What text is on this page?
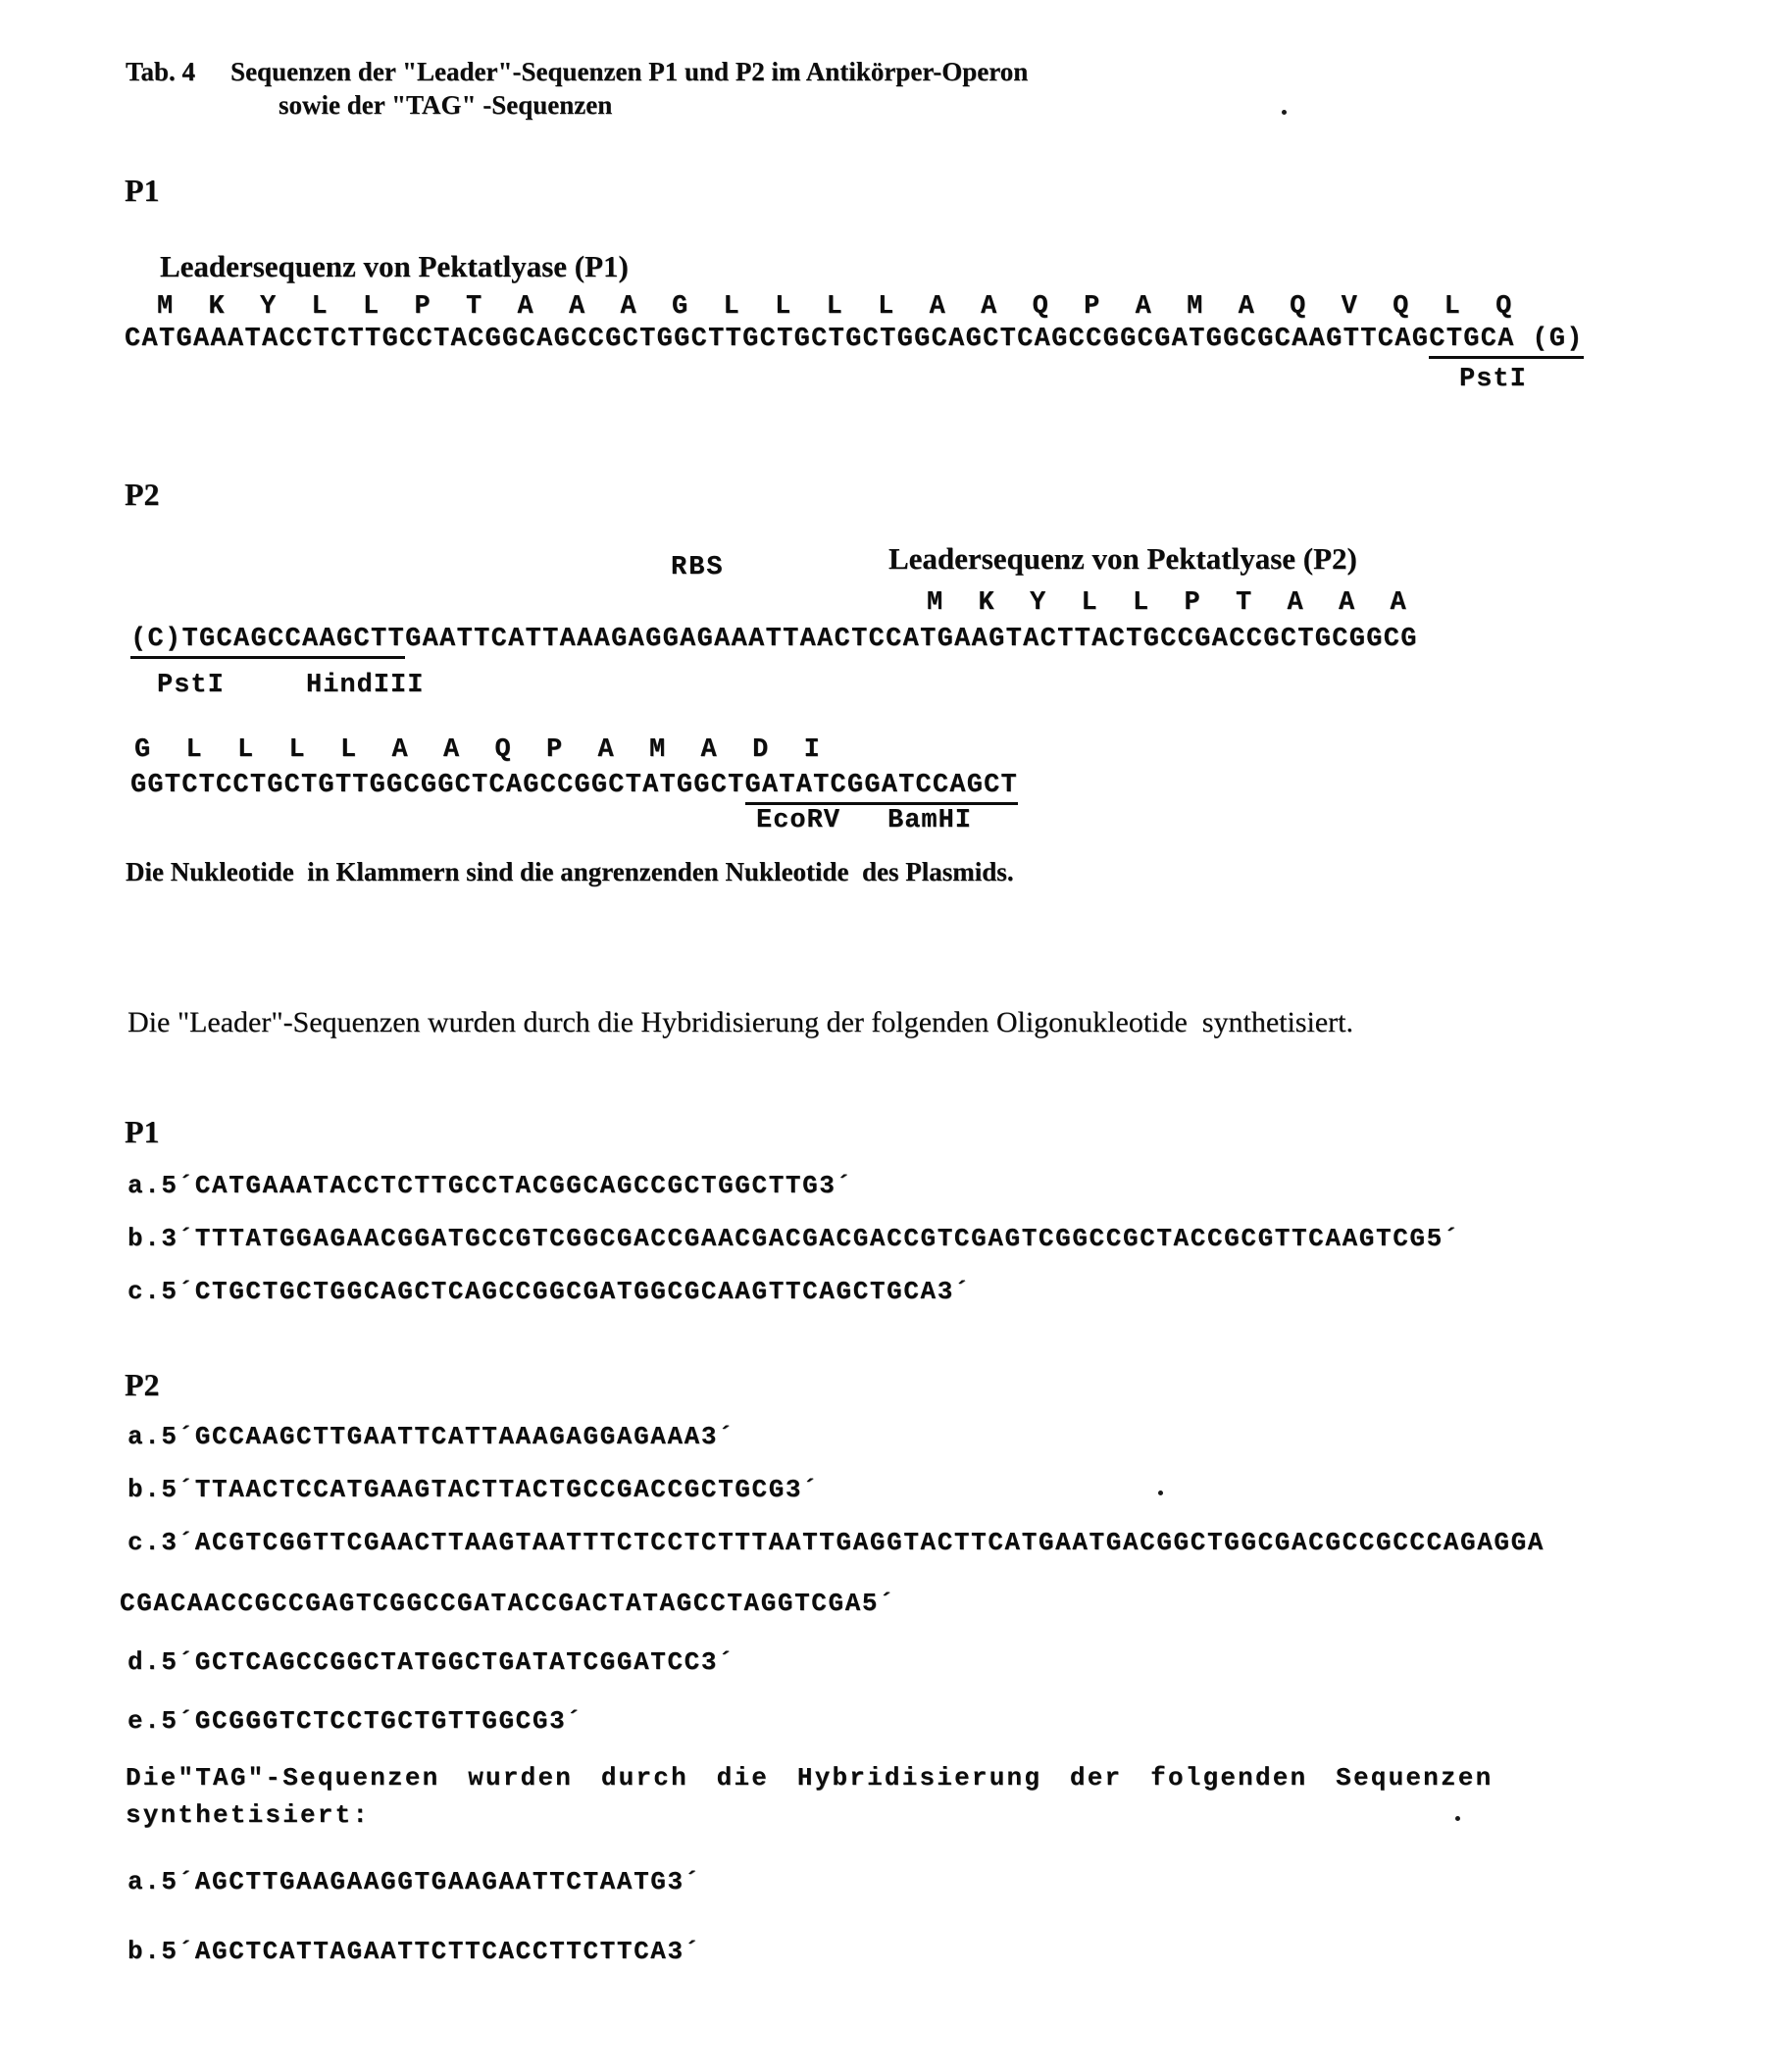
Tab. 4 Sequenzen der "Leader"-Sequenzen P1 und P2 im Antikörper-Operon
sowie der "TAG" -Sequenzen
P1
Leadersequenz von Pektatlyase (P1)
M K Y L L P T A A A G L L L L A A Q P A M A Q V Q L Q
CATGAAATACCTCTTGCCTACGGCAGCCGCTGGCTTGCTGCTGCTGGCAGCTCAGCCGGCGATGGCGCAAGTTCAGCTGCA (G)
PstI
P2
RBS	Leadersequenz von Pektatlyase (P2)
M K Y L L P T A A A
(C)TGCAGCCAAGCTTGAATTCATTAAAGAGGAGAAATTAACTCCATGAAGTACTTACTGCCGACCGCTGCGGCG
PstI	HindIII
G L L L L A A Q P A M A D I
GGTCTCCTGCTGTTGGCGGCTCAGCCGGCTATGGCTGATATCGGATCCAGCT
EcoRV BamHI
Die Nukleotide  in Klammern sind die angrenzenden Nukleotide  des Plasmids.
Die "Leader"-Sequenzen wurden durch die Hybridisierung der folgenden Oligonukleotide  synthetisiert.
P1
a.5´CATGAAATACCTCTTGCCTACGGCAGCCGCTGGCTTG3´
b.3´TTTATGGAGAACGGATGCCGTCGGCGACCGAACGACGACGACCGTCGAGTCGGCCGCTACCGCGTTCAAGTCG5´
c.5´CTGCTGCTGGCAGCTCAGCCGGCGATGGCGCAAGTTCAGCTGCA3´
P2
a.5´GCCAAGCTTGAATTCATTAAAGAGGAGAAA3´
b.5´TTAACTCCATGAAGTACTTACTGCCGACCGCTGCG3´
c.3´ACGTCGGTTCGAACTTAAGTAATTTCTCCTCTTTAATTGAGGTACTTCATGAATGACGGCTGGCGACGCCGCCCAGAGGA
CGACAACCGCCGAGTCGGCCGATACCGACTATAGCCTAGGTCGA5´
d.5´GCTCAGCCGGCTATGGCTGATATCGGATCC3´
e.5´GCGGGTCTCCTGCTGTTGGCG3´
Die"TAG"-Sequenzen wurden durch die Hybridisierung der folgenden Sequenzen
synthetisiert:
a.5´AGCTTGAAGAAGGTGAAGAATTCTAATG3´
b.5´AGCTCATTAGAATTCTTCACCTTCTTCA3´
